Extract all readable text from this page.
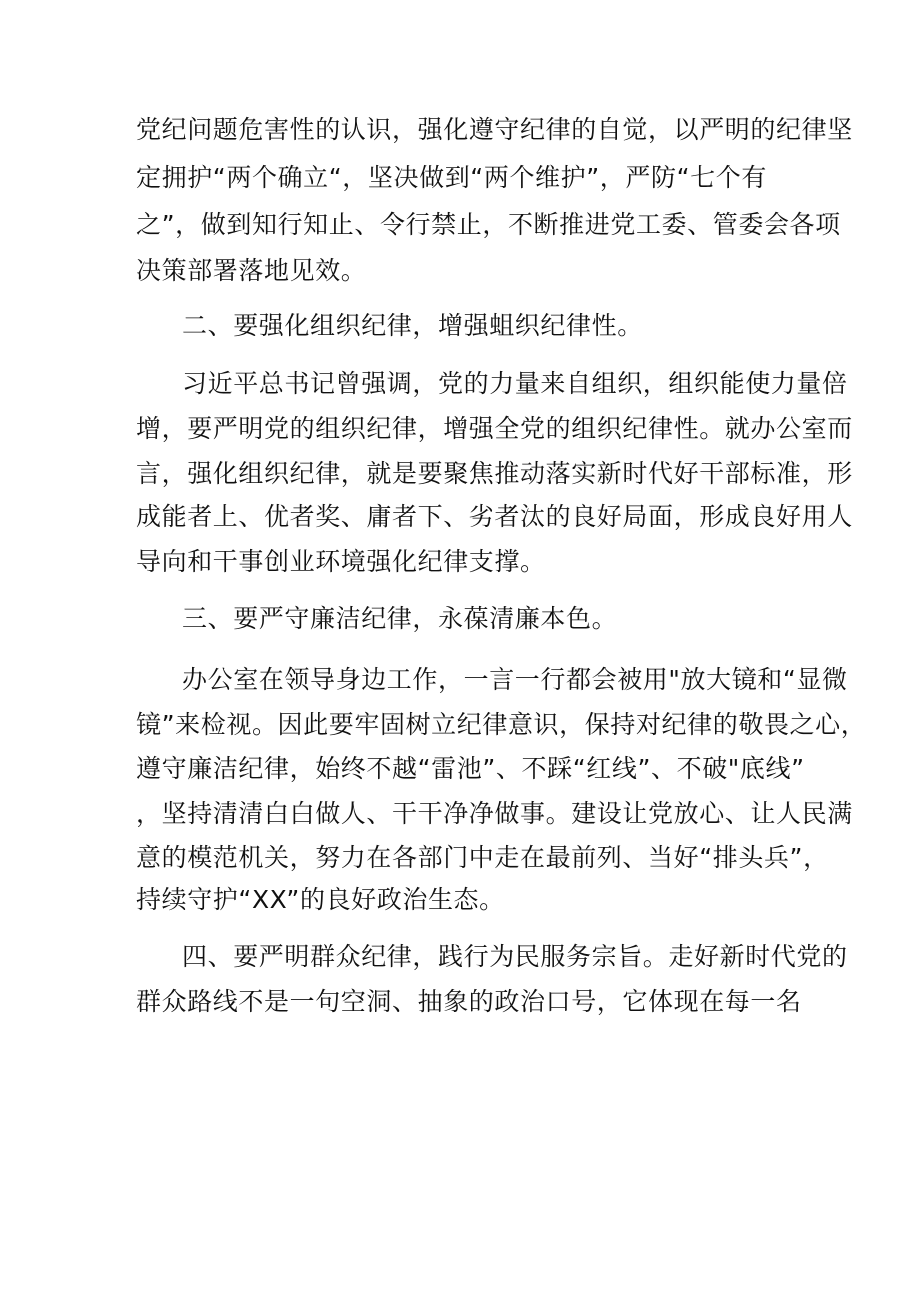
党纪问题危害性的认识，强化遵守纪律的自觉，以严明的纪律坚
定拥护“两个确立“，坚决做到“两个维护”，严防“七个有
之”，做到知行知止、令行禁止，不断推进党工委、管委会各项
决策部署落地见效。
二、要强化组织纪律，增强蛆织纪律性。
习近平总书记曾强调，党的力量来自组织，组织能使力量倍
增，要严明党的组织纪律，增强全党的组织纪律性。就办公室而
言，强化组织纪律，就是要聚焦推动落实新时代好干部标准，形
成能者上、优者奖、庸者下、劣者汰的良好局面，形成良好用人
导向和干事创业环境强化纪律支撑。
三、要严守廉洁纪律，永葆清廉本色。
办公室在领导身边工作，一言一行都会被用"放大镜和“显微
镜”来检视。因此要牢固树立纪律意识，保持对纪律的敬畏之心，
遵守廉洁纪律，始终不越“雷池”、不踩“红线”、不破"底线”
，坚持清清白白做人、干干净净做事。建设让党放心、让人民满
意的模范机关，努力在各部门中走在最前列、当好“排头兵”，
持续守护“XX”的良好政治生态。
四、要严明群众纪律，践行为民服务宗旨。走好新时代党的
群众路线不是一句空洞、抽象的政治口号，它体现在每一名
